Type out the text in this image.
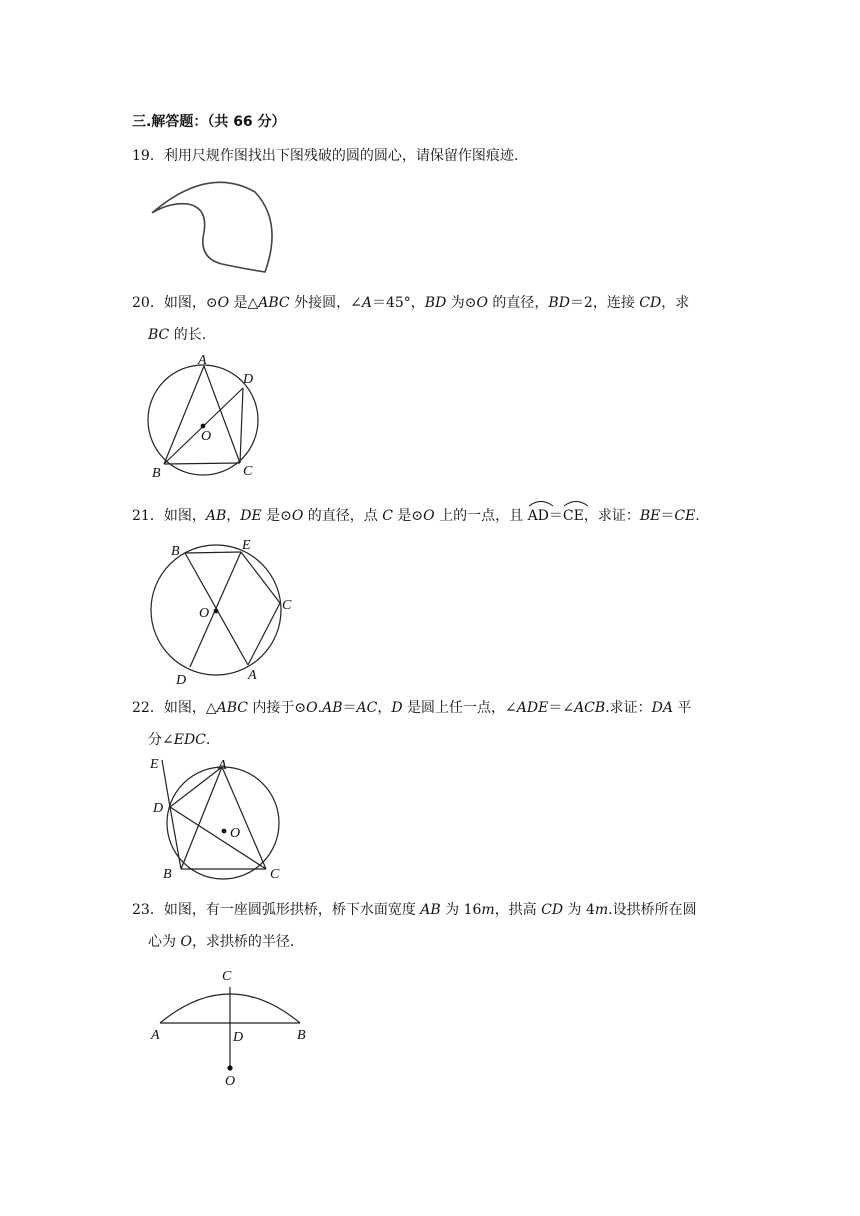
三.解答题：（共 66 分）
19．利用尺规作图找出下图残破的圆的圆心，请保留作图痕迹.
20．如图，⊙O 是△ABC 外接圆，∠A＝45°，BD 为⊙O 的直径，BD＝2，连接 CD，求
BC 的长.
21．如图，AB，DE 是⊙O 的直径，点 C 是⊙O 上的一点，且
AD＝
CE，求证：BE＝CE.
22．如图，△ABC 内接于⊙O.AB＝AC，D 是圆上任一点，∠ADE＝∠ACB.求证：DA 平
分∠EDC.
23．如图，有一座圆弧形拱桥，桥下水面宽度 AB 为 16m，拱高 CD 为 4m.设拱桥所在圆
心为 O，求拱桥的半径.
A
D
O
B	C
B	E
O
C
D	A
E	A
D
O
B	C
C
A	D	B
O
